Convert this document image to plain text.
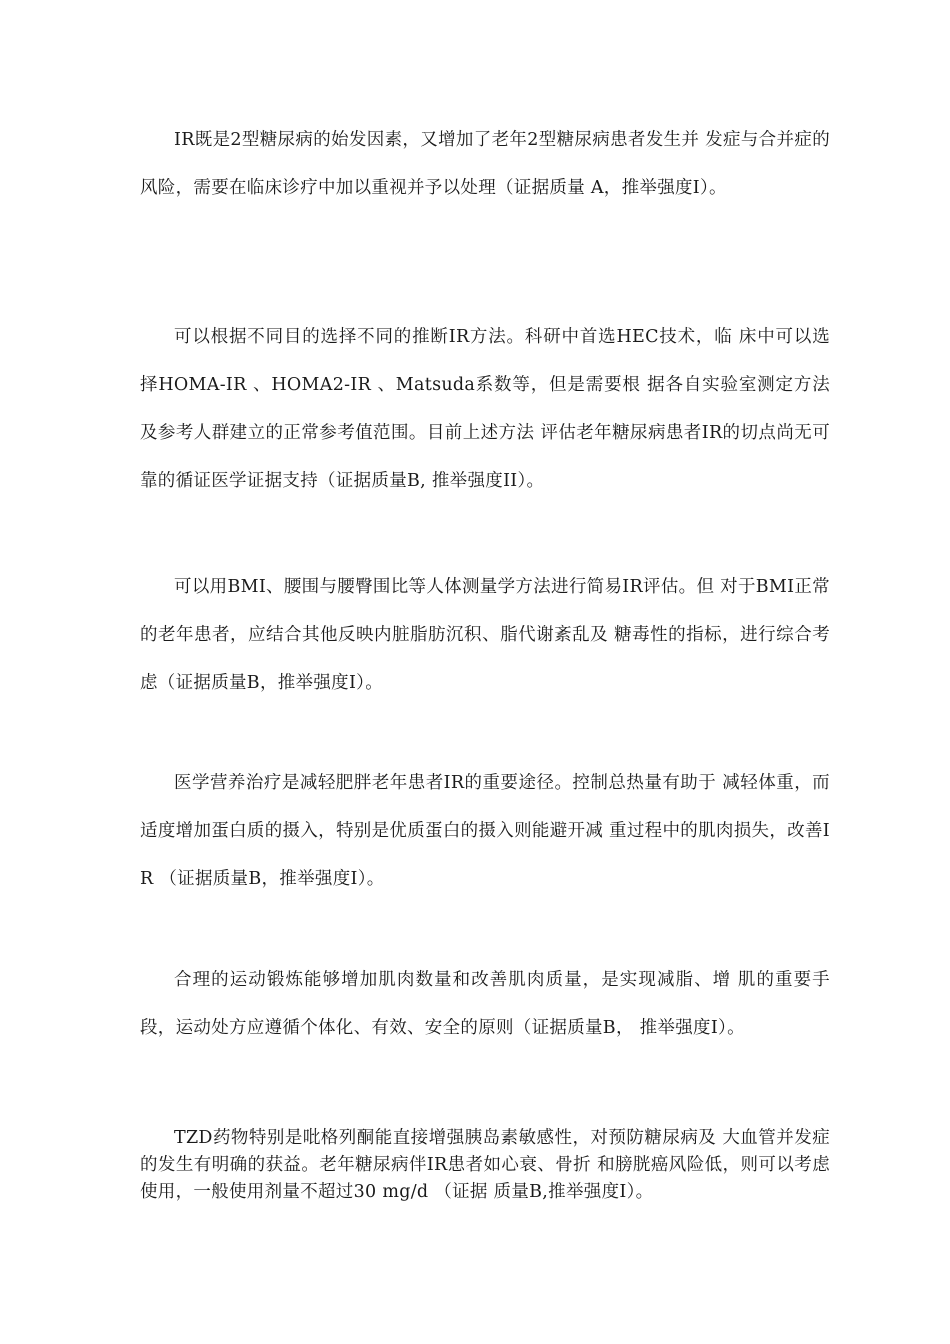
IR既是2型糖尿病的始发因素，又增加了老年2型糖尿病患者发生并 发症与合并症的风险，需要在临床诊疗中加以重视并予以处理（证据质量 A，推举强度I）。

可以根据不同目的选择不同的推断IR方法。科研中首选HEC技术，临 床中可以选择HOMA-IR 、HOMA2-IR 、Matsuda系数等，但是需要根 据各自实验室测定方法及参考人群建立的正常参考值范围。目前上述方法 评估老年糖尿病患者IR的切点尚无可靠的循证医学证据支持（证据质量B, 推举强度II）。

可以用BMI、腰围与腰臀围比等人体测量学方法进行简易IR评估。但 对于BMI正常的老年患者，应结合其他反映内脏脂肪沉积、脂代谢紊乱及 糖毒性的指标，进行综合考虑（证据质量B，推举强度I）。

医学营养治疗是减轻肥胖老年患者IR的重要途径。控制总热量有助于 减轻体重，而适度增加蛋白质的摄入，特别是优质蛋白的摄入则能避开减 重过程中的肌肉损失，改善IR （证据质量B，推举强度I）。

合理的运动锻炼能够增加肌肉数量和改善肌肉质量，是实现减脂、增 肌的重要手段，运动处方应遵循个体化、有效、安全的原则（证据质量B， 推举强度I）。

TZD药物特别是吡格列酮能直接增强胰岛素敏感性，对预防糖尿病及 大血管并发症的发生有明确的获益。老年糖尿病伴IR患者如心衰、骨折 和膀胱癌风险低，则可以考虑使用，一般使用剂量不超过30 mg/d （证据 质量B,推举强度I）。
